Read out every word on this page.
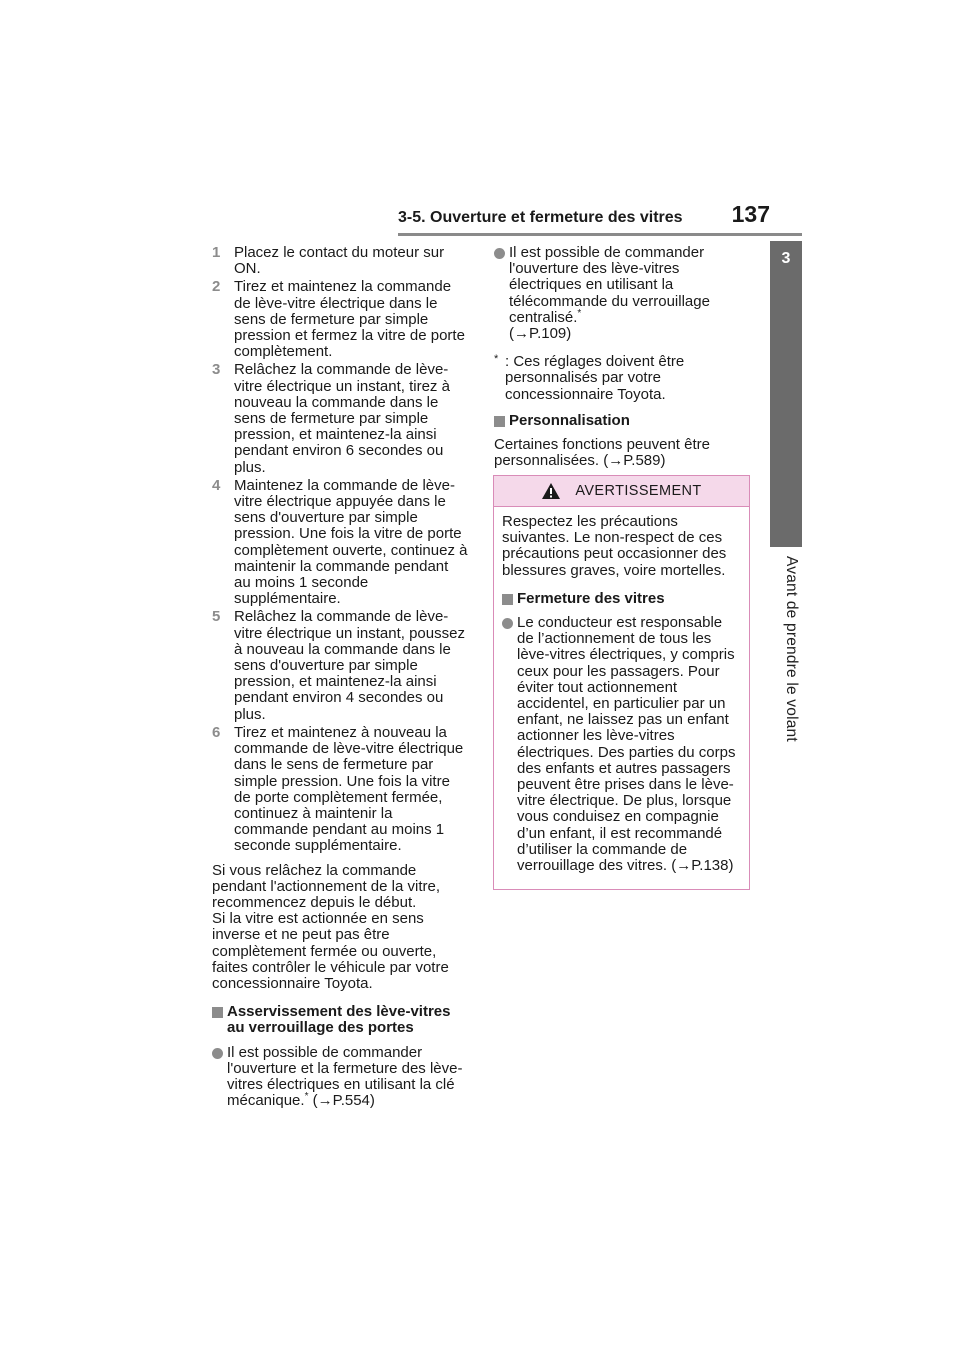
3-5. Ouverture et fermeture des vitres 137
3
Avant de prendre le volant
1 Placez le contact du moteur sur ON.
2 Tirez et maintenez la commande de lève-vitre électrique dans le sens de fermeture par simple pression et fermez la vitre de porte complètement.
3 Relâchez la commande de lève-vitre électrique un instant, tirez à nouveau la commande dans le sens de fermeture par simple pression, et maintenez-la ainsi pendant environ 6 secondes ou plus.
4 Maintenez la commande de lève-vitre électrique appuyée dans le sens d'ouverture par simple pression. Une fois la vitre de porte complètement ouverte, continuez à maintenir la commande pendant au moins 1 seconde supplémentaire.
5 Relâchez la commande de lève-vitre électrique un instant, poussez à nouveau la commande dans le sens d'ouverture par simple pression, et maintenez-la ainsi pendant environ 4 secondes ou plus.
6 Tirez et maintenez à nouveau la commande de lève-vitre électrique dans le sens de fermeture par simple pression. Une fois la vitre de porte complètement fermée, continuez à maintenir la commande pendant au moins 1 seconde supplémentaire.

Si vous relâchez la commande pendant l'actionnement de la vitre, recommencez depuis le début.

Si la vitre est actionnée en sens inverse et ne peut pas être complètement fermée ou ouverte, faites contrôler le véhicule par votre concessionnaire Toyota.

Asservissement des lève-vitres au verrouillage des portes
Il est possible de commander l'ouverture et la fermeture des lève-vitres électriques en utilisant la clé mécanique.* (→P.554)
Il est possible de commander l'ouverture des lève-vitres électriques en utilisant la télécommande du verrouillage centralisé.*
(→P.109)
* : Ces réglages doivent être personnalisés par votre concessionnaire Toyota.
Personnalisation

Certaines fonctions peuvent être personnalisées. (→P.589)

AVERTISSEMENT

Respectez les précautions suivantes. Le non-respect de ces précautions peut occasionner des blessures graves, voire mortelles.

Fermeture des vitres
Le conducteur est responsable de l’actionnement de tous les lève-vitres électriques, y compris ceux pour les passagers. Pour éviter tout actionnement accidentel, en particulier par un enfant, ne laissez pas un enfant actionner les lève-vitres électriques. Des parties du corps des enfants et autres passagers peuvent être prises dans le lève-vitre électrique. De plus, lorsque vous conduisez en compagnie d’un enfant, il est recommandé d’utiliser la commande de verrouillage des vitres. (→P.138)
